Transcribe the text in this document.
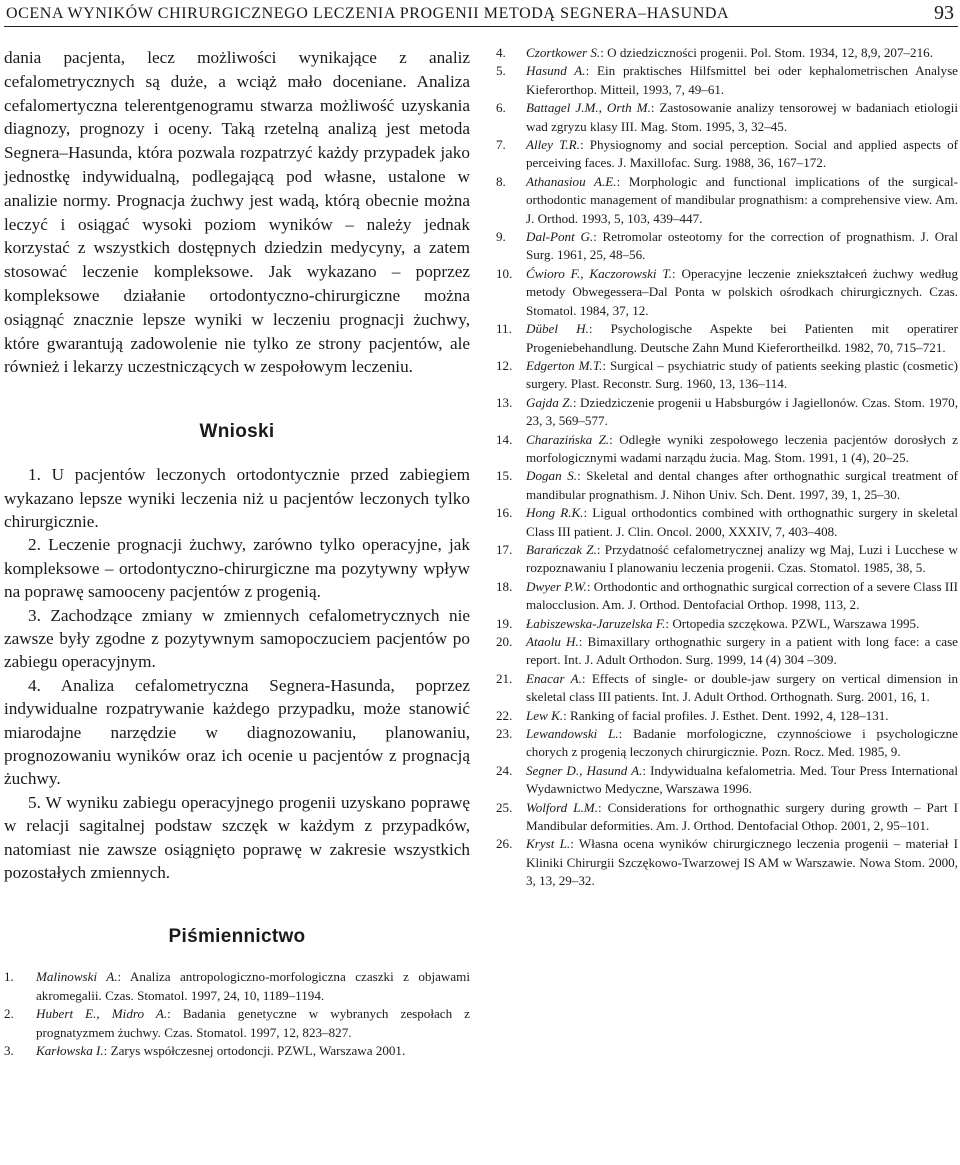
OCENA WYNIKÓW CHIRURGICZNEGO LECZENIA PROGENII METODĄ SEGNERA–HASUNDA	93

dania pacjenta, lecz możliwości wynikające z analiz cefalometrycznych są duże, a wciąż mało doceniane. Analiza cefalomertyczna telerentgenogramu stwarza możliwość uzyskania diagnozy, prognozy i oceny. Taką rzetelną analizą jest metoda Segnera–Hasunda, która pozwala rozpatrzyć każdy przypadek jako jednostkę indywidualną, podlegającą pod własne, ustalone w analizie normy. Prognacja żuchwy jest wadą, którą obecnie można leczyć i osiągać wysoki poziom wyników – należy jednak korzystać z wszystkich dostępnych dziedzin medycyny, a zatem stosować leczenie kompleksowe. Jak wykazano – poprzez kompleksowe działanie ortodontyczno-chirurgiczne można osiągnąć znacznie lepsze wyniki w leczeniu prognacji żuchwy, które gwarantują zadowolenie nie tylko ze strony pacjentów, ale również i lekarzy uczestniczących w zespołowym leczeniu.

Wnioski

1. U pacjentów leczonych ortodontycznie przed zabiegiem wykazano lepsze wyniki leczenia niż u pacjentów leczonych tylko chirurgicznie.

2. Leczenie prognacji żuchwy, zarówno tylko operacyjne, jak kompleksowe – ortodontyczno-chirurgiczne ma pozytywny wpływ na poprawę samooceny pacjentów z progenią.

3. Zachodzące zmiany w zmiennych cefalometrycznych nie zawsze były zgodne z pozytywnym samopoczuciem pacjentów po zabiegu operacyjnym.

4. Analiza cefalometryczna Segnera-Hasunda, poprzez indywidualne rozpatrywanie każdego przypadku, może stanowić miarodajne narzędzie w diagnozowaniu, planowaniu, prognozowaniu wyników oraz ich ocenie u pacjentów z prognacją żuchwy.

5. W wyniku zabiegu operacyjnego progenii uzyskano poprawę w relacji sagitalnej podstaw szczęk w każdym z przypadków, natomiast nie zawsze osiągnięto poprawę w zakresie wszystkich pozostałych zmiennych.

Piśmiennictwo
1. Malinowski A.: Analiza antropologiczno-morfologiczna czaszki z objawami akromegalii. Czas. Stomatol. 1997, 24, 10, 1189–1194.
2. Hubert E., Midro A.: Badania genetyczne w wybranych zespołach z prognatyzmem żuchwy. Czas. Stomatol. 1997, 12, 823–827.
3. Karłowska I.: Zarys współczesnej ortodoncji. PZWL, Warszawa 2001.
4. Czortkower S.: O dziedziczności progenii. Pol. Stom. 1934, 12, 8,9, 207–216.
5. Hasund A.: Ein praktisches Hilfsmittel bei oder kephalometrischen Analyse Kieferorthop. Mitteil, 1993, 7, 49–61.
6. Battagel J.M., Orth M.: Zastosowanie analizy tensorowej w badaniach etiologii wad zgryzu klasy III. Mag. Stom. 1995, 3, 32–45.
7. Alley T.R.: Physiognomy and social perception. Social and applied aspects of perceiving faces. J. Maxillofac. Surg. 1988, 36, 167–172.
8. Athanasiou A.E.: Morphologic and functional implications of the surgical-orthodontic management of mandibular prognathism: a comprehensive view. Am. J. Orthod. 1993, 5, 103, 439–447.
9. Dal-Pont G.: Retromolar osteotomy for the correction of prognathism. J. Oral Surg. 1961, 25, 48–56.
10. Ćwioro F., Kaczorowski T.: Operacyjne leczenie zniekształceń żuchwy według metody Obwegessera–Dal Ponta w polskich ośrodkach chirurgicznych. Czas. Stomatol. 1984, 37, 12.
11. Dübel H.: Psychologische Aspekte bei Patienten mit operatirer Progeniebehandlung. Deutsche Zahn Mund Kieferortheilkd. 1982, 70, 715–721.
12. Edgerton M.T.: Surgical – psychiatric study of patients seeking plastic (cosmetic) surgery. Plast. Reconstr. Surg. 1960, 13, 136–114.
13. Gajda Z.: Dziedziczenie progenii u Habsburgów i Jagiellonów. Czas. Stom. 1970, 23, 3, 569–577.
14. Charazińska Z.: Odległe wyniki zespołowego leczenia pacjentów dorosłych z morfologicznymi wadami narządu żucia. Mag. Stom. 1991, 1 (4), 20–25.
15. Dogan S.: Skeletal and dental changes after orthognathic surgical treatment of mandibular prognathism. J. Nihon Univ. Sch. Dent. 1997, 39, 1, 25–30.
16. Hong R.K.: Ligual orthodontics combined with orthognathic surgery in skeletal Class III patient. J. Clin. Oncol. 2000, XXXIV, 7, 403–408.
17. Barańczak Z.: Przydatność cefalometrycznej analizy wg Maj, Luzi i Lucchese w rozpoznawaniu I planowaniu leczenia progenii. Czas. Stomatol. 1985, 38, 5.
18. Dwyer P.W.: Orthodontic and orthognathic surgical correction of a severe Class III malocclusion. Am. J. Orthod. Dentofacial Orthop. 1998, 113, 2.
19. Łabiszewska-Jaruzelska F.: Ortopedia szczękowa. PZWL, Warszawa 1995.
20. Ataolu H.: Bimaxillary orthognathic surgery in a patient with long face: a case report. Int. J. Adult Orthodon. Surg. 1999, 14 (4) 304 –309.
21. Enacar A.: Effects of single- or double-jaw surgery on vertical dimension in skeletal class III patients. Int. J. Adult Orthod. Orthognath. Surg. 2001, 16, 1.
22. Lew K.: Ranking of facial profiles. J. Esthet. Dent. 1992, 4, 128–131.
23. Lewandowski L.: Badanie morfologiczne, czynnościowe i psychologiczne chorych z progenią leczonych chirurgicznie. Pozn. Rocz. Med. 1985, 9.
24. Segner D., Hasund A.: Indywidualna kefalometria. Med. Tour Press International Wydawnictwo Medyczne, Warszawa 1996.
25. Wolford L.M.: Considerations for orthognathic surgery during growth – Part I Mandibular deformities. Am. J. Orthod. Dentofacial Othop. 2001, 2, 95–101.
26. Kryst L.: Własna ocena wyników chirurgicznego leczenia progenii – materiał I Kliniki Chirurgii Szczękowo-Twarzowej IS AM w Warszawie. Nowa Stom. 2000, 3, 13, 29–32.
